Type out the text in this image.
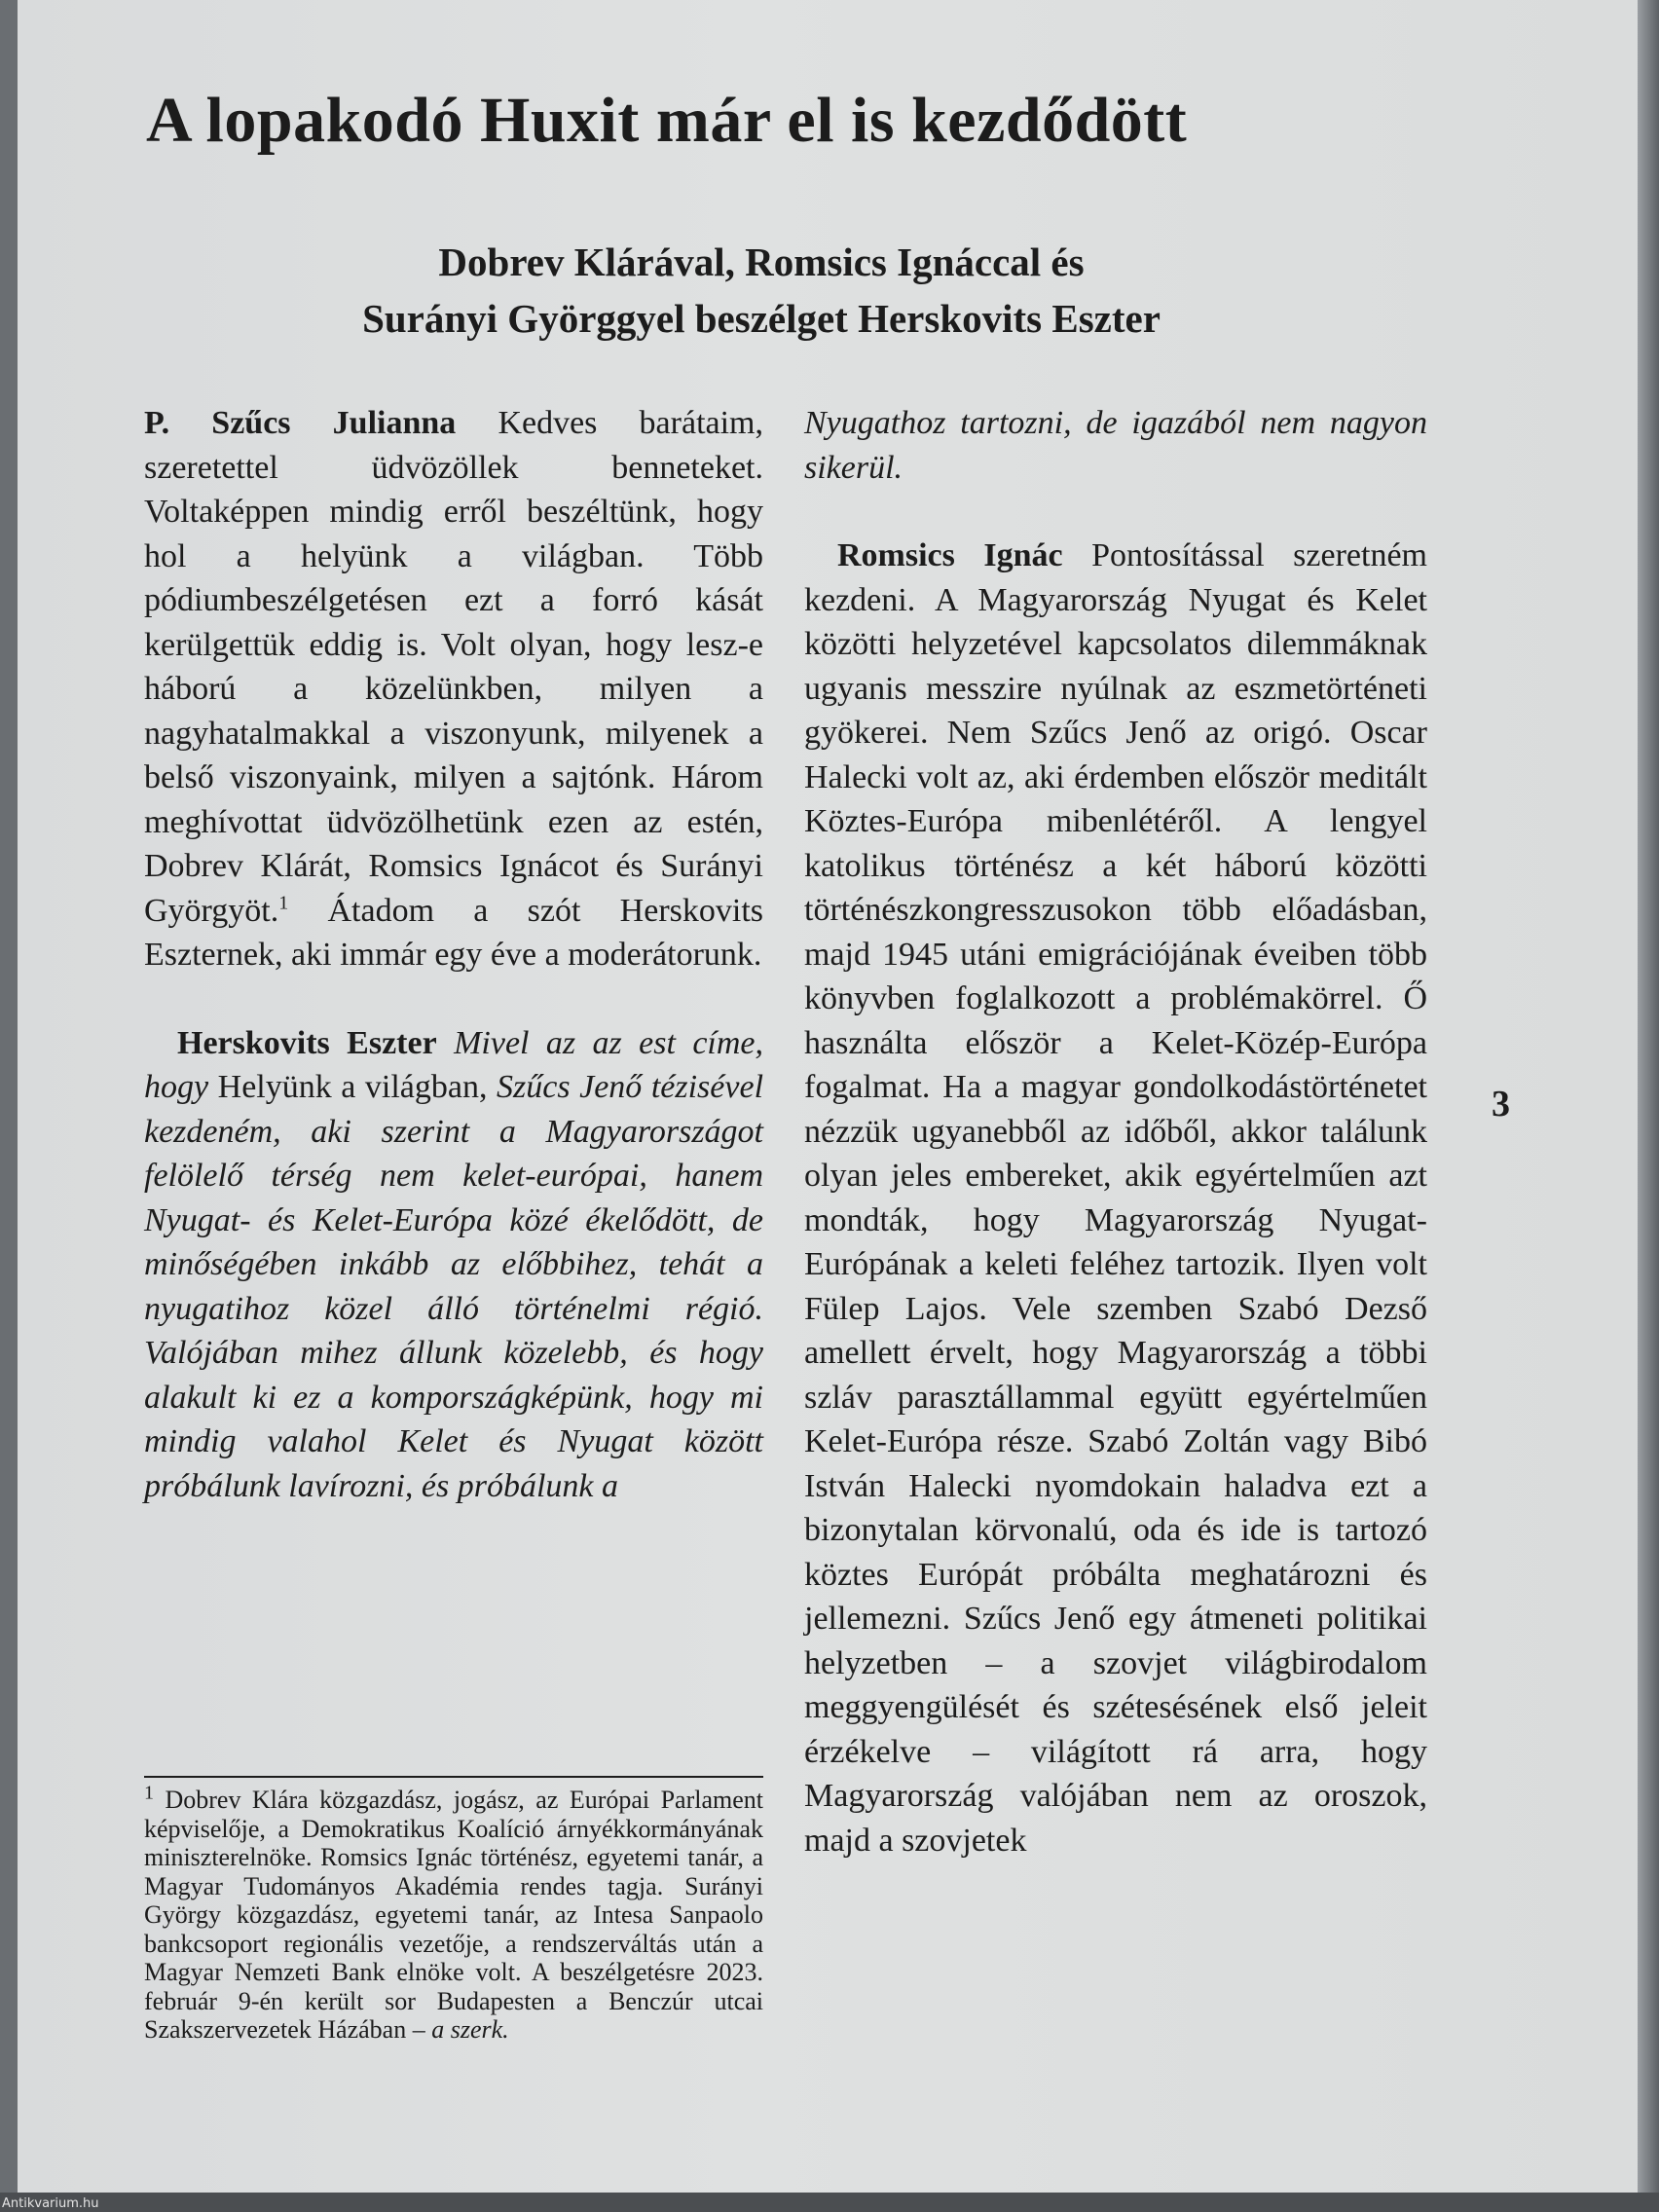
A lopakodó Huxit már el is kezdődött
Dobrev Klárával, Romsics Ignáccal és
Surányi Györggyel beszélget Herskovits Eszter

P. Szűcs Julianna Kedves barátaim, szeretettel üdvözöllek benneteket. Voltaképpen mindig erről beszéltünk, hogy hol a helyünk a világban. Több pódiumbeszélgetésen ezt a forró kását kerülgettük eddig is. Volt olyan, hogy lesz-e háború a közelünkben, milyen a nagyhatalmakkal a viszonyunk, milyenek a belső viszonyaink, milyen a sajtónk. Három meghívottat üdvözölhetünk ezen az estén, Dobrev Klárát, Romsics Ignácot és Surányi Györgyöt.$^1$ Átadom a szót Herskovits Eszternek, aki immár egy éve a moderátorunk.

Herskovits Eszter Mivel az az est címe, hogy Helyünk a világban, Szűcs Jenő tézisével kezdeném, aki szerint a Magyarországot felölelő térség nem kelet-európai, hanem Nyugat- és Kelet-Európa közé ékelődött, de minőségében inkább az előbbihez, tehát a nyugatihoz közel álló történelmi régió. Valójában mihez állunk közelebb, és hogy alakult ki ez a kompországképünk, hogy mi mindig valahol Kelet és Nyugat között próbálunk lavírozni, és próbálunk a

Nyugathoz tartozni, de igazából nem nagyon sikerül.

Romsics Ignác Pontosítással szeretném kezdeni. A Magyarország Nyugat és Kelet közötti helyzetével kapcsolatos dilemmáknak ugyanis messzire nyúlnak az eszmetörténeti gyökerei. Nem Szűcs Jenő az origó. Oscar Halecki volt az, aki érdemben először meditált Köztes-Európa mibenlétéről. A lengyel katolikus történész a két háború közötti történészkongresszusokon több előadásban, majd 1945 utáni emigrációjának éveiben több könyvben foglalkozott a problémakörrel. Ő használta először a Kelet-Közép-Európa fogalmat. Ha a magyar gondolkodástörténetet nézzük ugyanebből az időből, akkor találunk olyan jeles embereket, akik egyértelműen azt mondták, hogy Magyarország Nyugat-Európának a keleti feléhez tartozik. Ilyen volt Fülep Lajos. Vele szemben Szabó Dezső amellett érvelt, hogy Magyarország a többi szláv parasztállammal együtt egyértelműen Kelet-Európa része. Szabó Zoltán vagy Bibó István Halecki nyomdokain haladva ezt a bizonytalan körvonalú, oda és ide is tartozó köztes Európát próbálta meghatározni és jellemezni. Szűcs Jenő egy átmeneti politikai helyzetben – a szovjet világbirodalom meggyengülését és szétesésének első jeleit érzékelve – világított rá arra, hogy Magyarország valójában nem az oroszok, majd a szovjetek

$^1$ Dobrev Klára közgazdász, jogász, az Európai Parlament képviselője, a Demokratikus Koalíció árnyékkormányának miniszterelnöke. Romsics Ignác történész, egyetemi tanár, a Magyar Tudományos Akadémia rendes tagja. Surányi György közgazdász, egyetemi tanár, az Intesa Sanpaolo bankcsoport regionális vezetője, a rendszerváltás után a Magyar Nemzeti Bank elnöke volt. A beszélgetésre 2023. február 9-én került sor Budapesten a Benczúr utcai Szakszervezetek Házában – a szerk.

3
Antikvarium.hu
